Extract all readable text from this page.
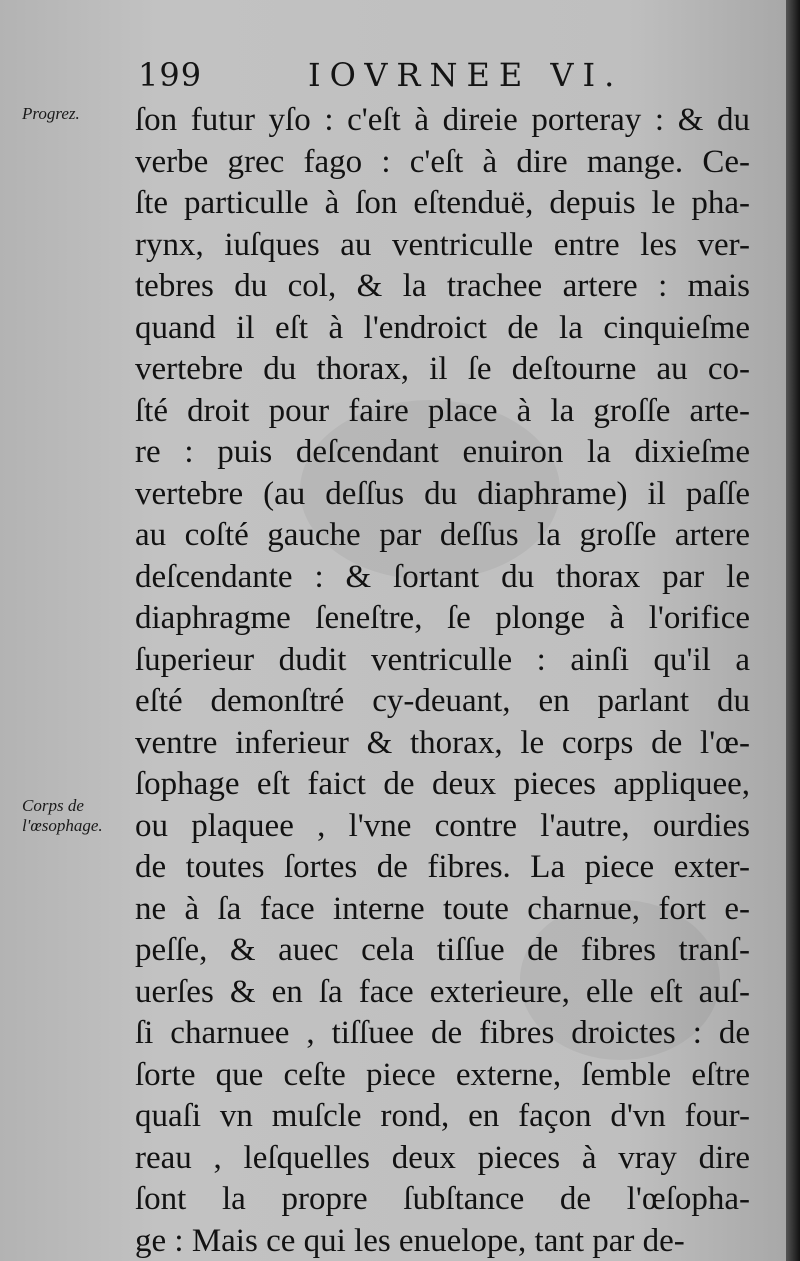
199	IOVRNEE VI.
Progrez.
Corps de
l'œsophage.
ſon futur yſo : c'eſt à direie porteray : & du
verbe grec fago : c'eſt à dire mange. Ce-
ſte particulle à ſon eſtenduë, depuis le pha-
rynx, iuſques au ventriculle entre les ver-
tebres du col, & la trachee artere : mais
quand il eſt à l'endroict de la cinquieſme
vertebre du thorax, il ſe deſtourne au co-
ſté droit pour faire place à la groſſe arte-
re : puis deſcendant enuiron la dixieſme
vertebre (au deſſus du diaphrame) il paſſe
au coſté gauche par deſſus la groſſe artere
deſcendante : & ſortant du thorax par le
diaphragme ſeneſtre, ſe plonge à l'orifice
ſuperieur dudit ventriculle : ainſi qu'il a
eſté demonſtré cy-deuant, en parlant du
ventre inferieur & thorax, le corps de l'œ-
ſophage eſt faict de deux pieces appliquee,
ou plaquee , l'vne contre l'autre, ourdies
de toutes ſortes de fibres. La piece exter-
ne à ſa face interne toute charnue, fort e-
peſſe, & auec cela tiſſue de fibres tranſ-
uerſes & en ſa face exterieure, elle eſt auſ-
ſi charnuee , tiſſuee de fibres droictes : de
ſorte que ceſte piece externe, ſemble eſtre
quaſi vn muſcle rond, en façon d'vn four-
reau , leſquelles deux pieces à vray dire
ſont la propre ſubſtance de l'œſopha-
ge : Mais ce qui les enuelope, tant par de-
